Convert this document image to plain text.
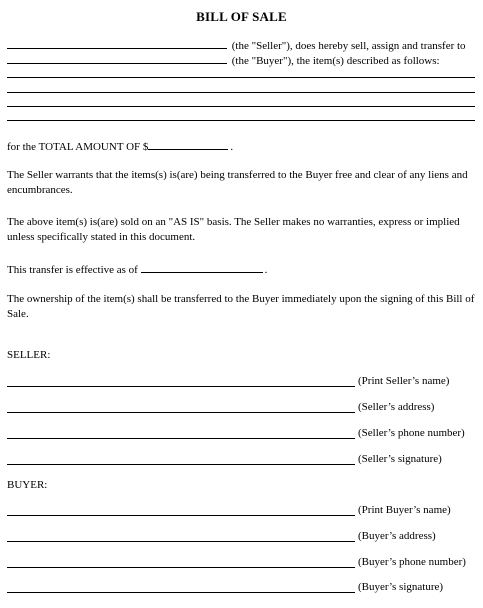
BILL OF SALE
(the "Seller"), does hereby sell, assign and transfer to
(the "Buyer"), the item(s) described as follows:
for the TOTAL AMOUNT OF $	.
The Seller warrants that the items(s) is(are) being transferred to the Buyer free and clear of any liens and encumbrances.
The above item(s) is(are) sold on an "AS IS" basis. The Seller makes no warranties, express or implied unless specifically stated in this document.
This transfer is effective as of	.
The ownership of the item(s) shall be transferred to the Buyer immediately upon the signing of this Bill of Sale.
SELLER:
(Print Seller’s name)
(Seller’s address)
(Seller’s phone number)
(Seller’s signature)
BUYER:
(Print Buyer’s name)
(Buyer’s address)
(Buyer’s phone number)
(Buyer’s signature)
